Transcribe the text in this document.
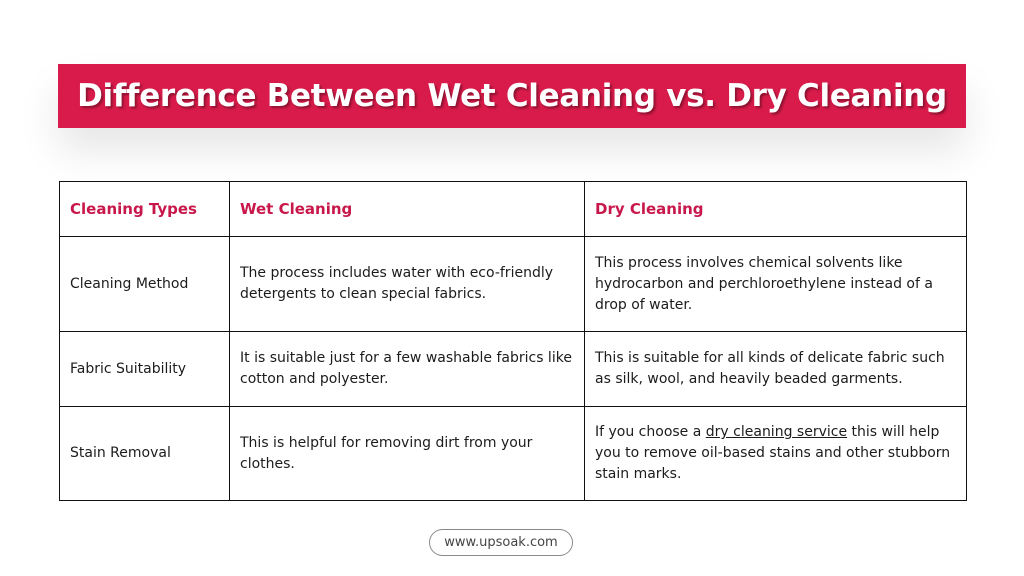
Difference Between Wet Cleaning vs. Dry Cleaning
Cleaning Types	Wet Cleaning	Dry Cleaning
Cleaning Method	The process includes water with eco-friendly detergents to clean special fabrics.	This process involves chemical solvents like hydrocarbon and perchloroethylene instead of a drop of water.
Fabric Suitability	It is suitable just for a few washable fabrics like cotton and polyester.	This is suitable for all kinds of delicate fabric such as silk, wool, and heavily beaded garments.
Stain Removal	This is helpful for removing dirt from your clothes.	If you choose a dry cleaning service this will help you to remove oil-based stains and other stubborn stain marks.
www.upsoak.com
